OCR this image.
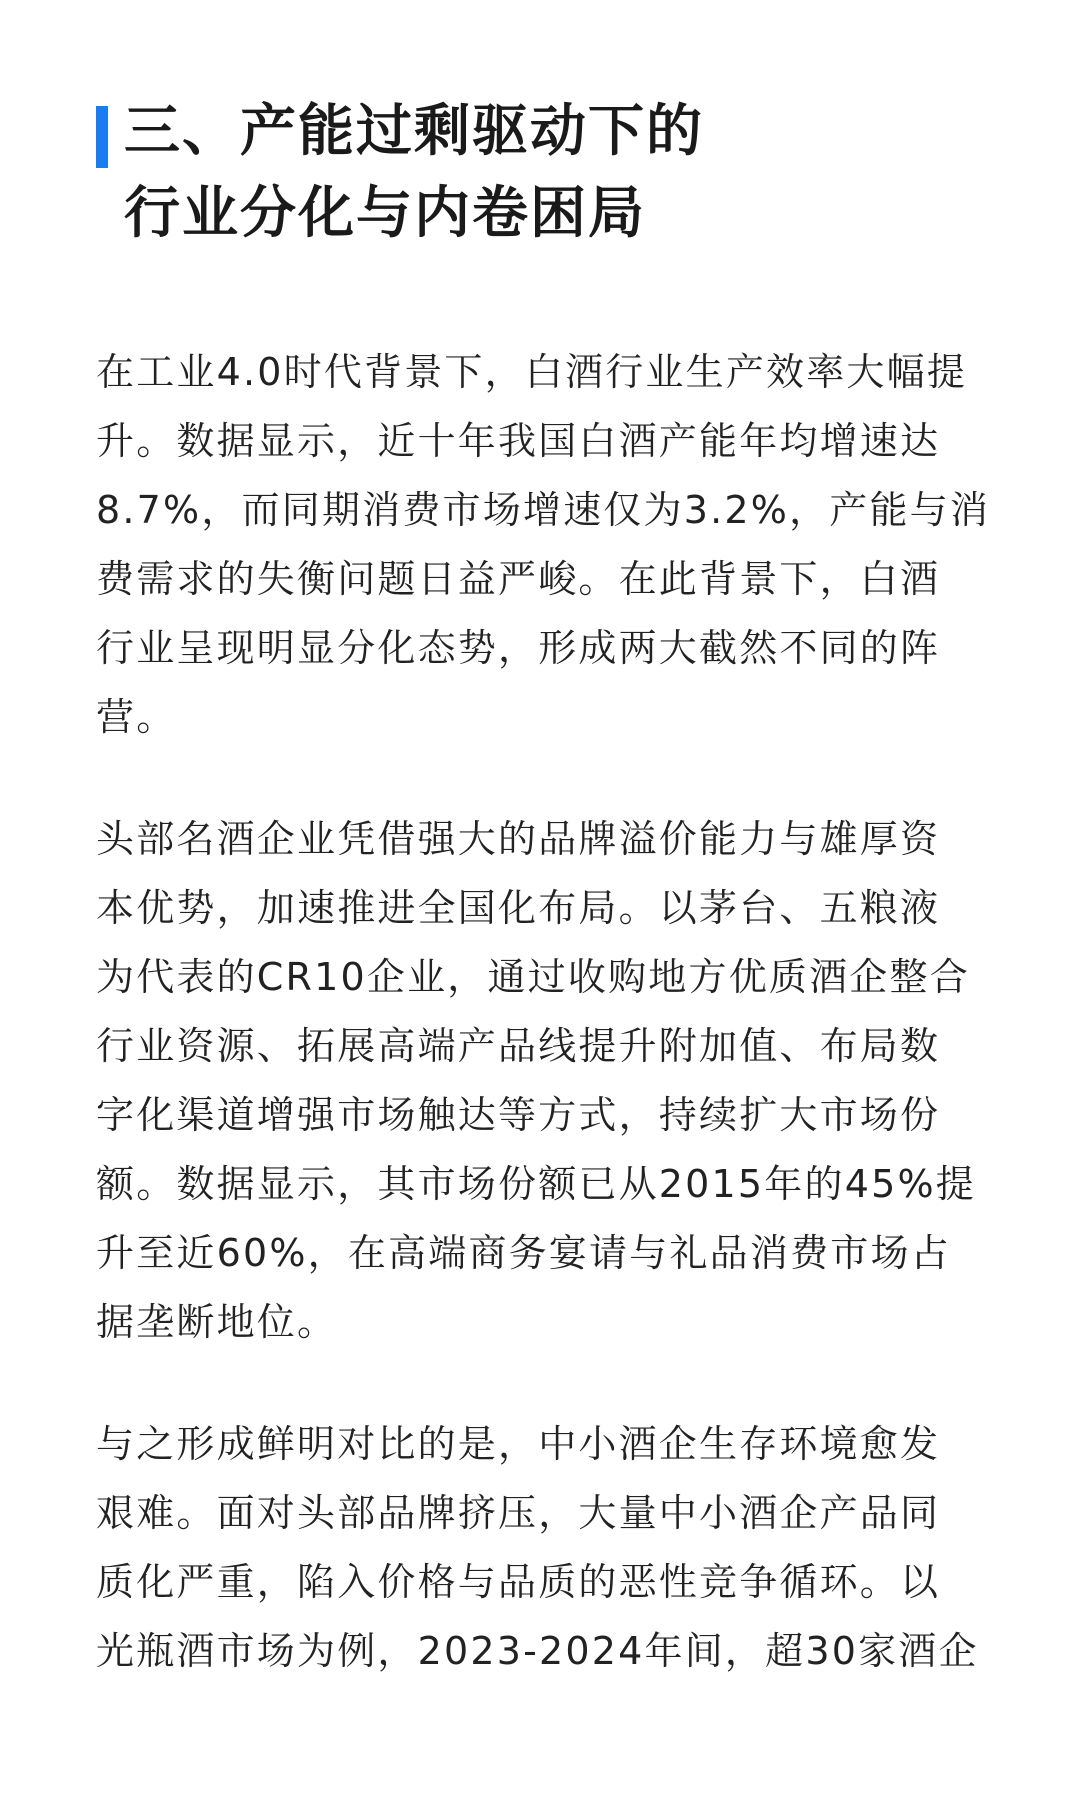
三、产能过剩驱动下的
行业分化与内卷困局
在工业4.0时代背景下，白酒行业生产效率大幅提
升。数据显示，近十年我国白酒产能年均增速达
8.7%，而同期消费市场增速仅为3.2%，产能与消
费需求的失衡问题日益严峻。在此背景下，白酒
行业呈现明显分化态势，形成两大截然不同的阵
营。
头部名酒企业凭借强大的品牌溢价能力与雄厚资
本优势，加速推进全国化布局。以茅台、五粮液
为代表的CR10企业，通过收购地方优质酒企整合
行业资源、拓展高端产品线提升附加值、布局数
字化渠道增强市场触达等方式，持续扩大市场份
额。数据显示，其市场份额已从2015年的45%提
升至近60%，在高端商务宴请与礼品消费市场占
据垄断地位。
与之形成鲜明对比的是，中小酒企生存环境愈发
艰难。面对头部品牌挤压，大量中小酒企产品同
质化严重，陷入价格与品质的恶性竞争循环。以
光瓶酒市场为例，2023-2024年间，超30家酒企
